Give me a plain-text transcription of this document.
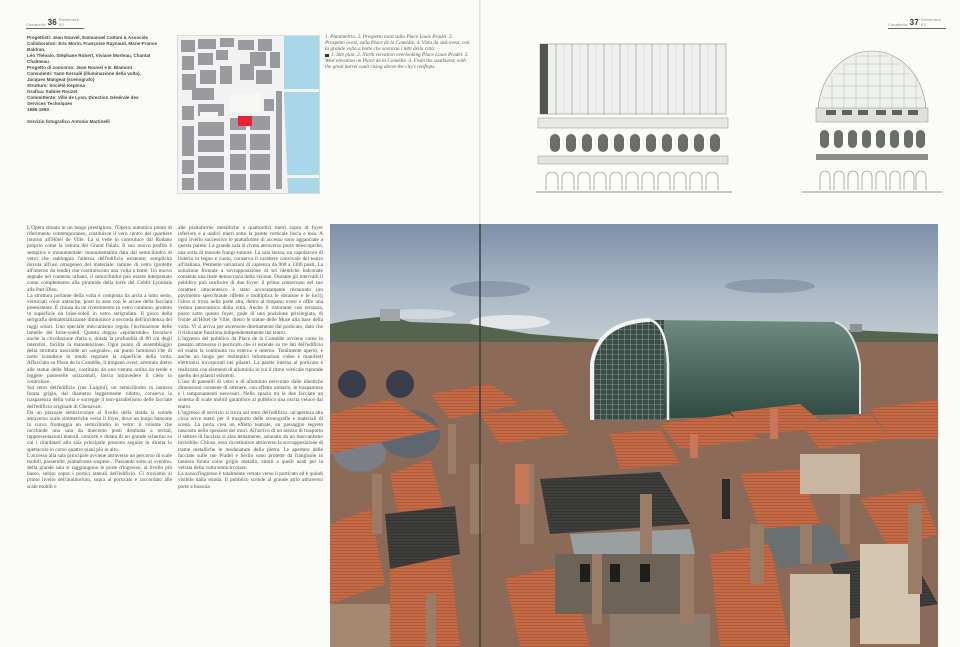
Casabella 36 Settembre 93
Progettisti: Jean Nouvel, Emmanuel Cattani & Associés
Collaboratori: Eric Morin, Françoise Raynaud, Marie-France Baldran,
Léo Thévalo, Stéphane Robert, Viviane Morteau, Chantal Chalmeau
Progetto di concorso: Jean Nouvel e E. Blamont
Consulenti: Yann Kersalé (illuminazione della volta),
Jacques Mangeat (scenografo)
Strutture: Société Keplona
Grafica: Sabine Rouzet
Committente: Ville de Lyon, Direction Générale des
Services Techniques
1986-1993
Servizio fotografico Antonio Martinelli
1. Planimetria. 2. Prospetto nord sulla Place Louis Pradel. 3. Prospetto ovest, sulla Place de la Comédie. 4. Vista da sud-ovest, con la grande volta a botte che sovrasta i tetti della città.
1. Site plan. 2. North elevation overlooking Place Louis Pradel. 3. West elevation on Place de la Comédie. 4. From the southwest, with the great barrel vault rising above the city's rooftops.

L'Opéra situata in un luogo prestigioso, l'Opéra, autentico punto di riferimento contemporaneo, costituisce il vero centro del quartiere intorno all'Hôtel de Ville. La si vede in controluce dal Rodano proprio come la vetrata del Grand Palais. Il suo nuovo profilo è semplice e monumentale: monumentalità data dal semicilindro di vetro che raddoppia l'altezza dell'edificio esistente; semplicità dovuta all'uso omogeneo del materiale: lamine di vetro (protette all'interno da tende) che costituiscono una volta a botte. Un nuovo segnale nel contesto urbano, il semicilindro può essere interpretato come complemento alla piramide della torre del Crédit Lyonnais alla Part-Dieu.

La struttura portante della volta è composta da archi a tutto sesto, verniciati color antracite, posti in asse con le arcate della facciata preesistente. È chiusa da un rivestimento in vetro continuo, protetto in superficie da brise-soleil in vetro serigrafato. Il gioco della serigrafia dematerializzante diminuisce a seconda dell'incidenza dei raggi solari. Uno speciale meccanismo regola l'inclinazione delle lamelle dei brise-soleil. Questa doppia «epidermide» favorisce anche la circolazione d'aria e, dotata la profondità di 80 cm degli interstizi, facilita la manutenzione. Ogni punto di assemblaggio della struttura nasconde un «segnale», un punto luminoso che di notte scandisce in modo regolare la superficie della volta. Affacciato su Place de la Comédie, il timpano ovest, arretrato dietro alle statue delle Muse, costituito da una vetrata ordita da tende e leggere passerelle orizzontali, lascia intravedere il cielo in controluce.

Sul retro dell'edificio (rue Luigini), un semicilindro in lamiera forata grigia, dal diametro leggermente ridotto, conserva la trasparenza della volta e sorregge il non-parallelismo delle facciate dell'edificio originale di Chenavart.

Da un piazzale semicircolare al livello della strada si scende attraverso scale simmetriche verso il foyer, dove un lungo bancone in curva fronteggia un semicilindro in vetro: il volume che racchiude una sala da duecento posti destinata a recital, rappresentazioni teatrali, concerti e dotata di un grande schermo su cui i ritardatari alla sala principale possono seguire in diretta lo spettacolo in corso quattro piani più in alto.

L'accesso alla sala principale avviene attraverso un percorso di scale mobili, passerelle, piattaforme sospese... Passando sotto al «ventre» della grande sala si raggiungono le porte d'ingresso, al livello più basso, subito sopra i portici laterali dell'edificio. Ci troviamo al primo livello dell'auditorium, sopra al porticato e raccordato alle scale mobili e

alle piattaforme metalliche a quattordici metri sopra al foyer inferiore e a undici metri sotto la parete verticale liscia e tesa. A ogni livello successivo le piattaforme di accesso sono agganciate a questa parete. La grande sala si rivela attraverso porte telescopiche, una sorta di bussole frangi-rumore. La sala stessa, un capolavoro di liuteria in legno e cuoio, conserva il carattere convivale del teatro all'italiana. Permette variazioni di capienza da 900 a 1300 posti. La soluzione frontale a sovrapposizione di sei identiche balconate consente una reale democrazia della visione. Durante gli intervalli il pubblico può usufruire di due foyer: il primo conservato nel suo carattere ottocentesco è stato accuratamente restaurato (un pavimento specchiante riflette e moltiplica le dorature e le luci); l'altro si trova nella parte alta, dietro al timpano ovest e offre una veduta panoramica della città. Anche il ristorante con terrazza, posto sotto questo foyer, gode di una posizione privilegiata, di fronte all'Hôtel de Ville, dietro le statue delle Muse alla base della volta. Vi si arriva per ascensore direttamente dal porticato, dato che il ristorante funziona indipendentemente dal teatro.

L'ingresso del pubblico da Place de la Comédie avviene come in passato attraverso il porticato che si estende su tre lati dell'edificio ed esalta la continuità tra esterno e interno. Totalmente aperto, è anche un luogo per molteplici informazioni video e manifesti elettronici incorporati nei pilastri. La parete interna al porticato è realizzata con elementi di alluminio in cui il ritmo verticale riprende quello dei pilastri esistenti.

L'uso di pannelli di vetro e di alluminio nervurato dalle identiche dimensioni consente di ottenere, con effetto unitario, le trasparenze e i tamponamenti necessari. Nello spazio tra le due facciate un sistema di scale mobili garantisce al pubblico una uscita veloce dal teatro.

L'ingresso di servizio si trova sul retro dell'edificio: un'apertura alta circa nove metri per il trasporto delle scenografie e materiali di scena. La porta crea un effetto teatrale, un passaggio segreto nascosto nello spessore dei muri. All'arrivo di un mezzo di trasporto il settore di facciata si alza lentamente, azionato da un meccanismo invisibile. Chiuso, esso ricostituisce attraverso la sovrapposizione di trame metalliche le modanature della pietra. Le aperture delle facciate sulle rue Pradel e Serlin sono protette da frangisole in lamiera forata color grigio metallo, simili a quelli usati per la vetrata della volta semicircolare.

La zona d'ingresso è totalmente vetrata verso il porticato ed è quindi visibile dalla strada. Il pubblico scende al grande atrio attraverso porte a bussola

Casabella 37 Settembre 93
